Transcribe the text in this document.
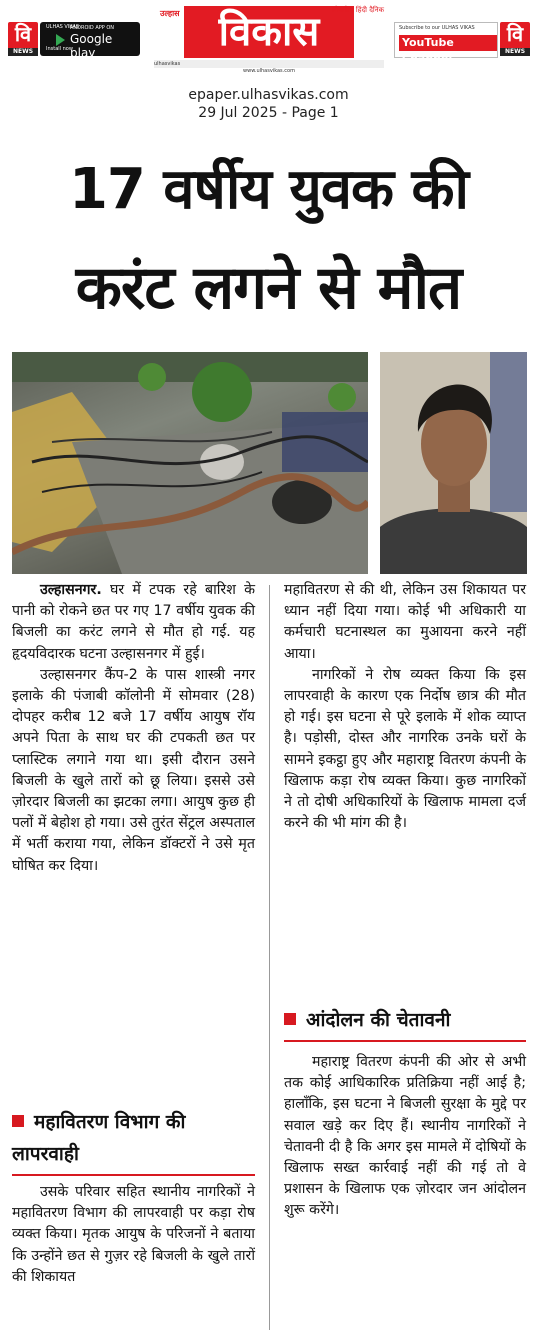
वि
NEWS
ULHAS VIKAS
ANDROID APP ON
Google play
Install now	विकास
उल्हास	लोकप्रिय हिंदी दैनिक
ulhasvikas
www.ulhasvikas.com
Subscribe to our ULHAS VIKAS
YouTube Channel
वि
NEWS
epaper.ulhasvikas.com
29 Jul 2025 - Page 1
17 वर्षीय युवक की
करंट लगने से मौत

उल्हासनगर. घर में टपक रहे बारिश के पानी को रोकने छत पर गए 17 वर्षीय युवक की बिजली का करंट लगने से मौत हो गई. यह हृदयविदारक घटना उल्हासनगर में हुई।

उल्हासनगर कैंप-2 के पास शास्त्री नगर इलाके की पंजाबी कॉलोनी में सोमवार (28) दोपहर करीब 12 बजे 17 वर्षीय आयुष रॉय अपने पिता के साथ घर की टपकती छत पर प्लास्टिक लगाने गया था। इसी दौरान उसने बिजली के खुले तारों को छू लिया। इससे उसे ज़ोरदार बिजली का झटका लगा। आयुष कुछ ही पलों में बेहोश हो गया। उसे तुरंत सेंट्रल अस्पताल में भर्ती कराया गया, लेकिन डॉक्टरों ने उसे मृत घोषित कर दिया।

महावितरण विभाग की
लापरवाही

उसके परिवार सहित स्थानीय नागरिकों ने महावितरण विभाग की लापरवाही पर कड़ा रोष व्यक्त किया। मृतक आयुष के परिजनों ने बताया कि उन्होंने छत से गुज़र रहे बिजली के खुले तारों की शिकायत

महावितरण से की थी, लेकिन उस शिकायत पर ध्यान नहीं दिया गया। कोई भी अधिकारी या कर्मचारी घटनास्थल का मुआयना करने नहीं आया।

नागरिकों ने रोष व्यक्त किया कि इस लापरवाही के कारण एक निर्दोष छात्र की मौत हो गई। इस घटना से पूरे इलाके में शोक व्याप्त है। पड़ोसी, दोस्त और नागरिक उनके घरों के सामने इकट्ठा हुए और महाराष्ट्र वितरण कंपनी के खिलाफ कड़ा रोष व्यक्त किया। कुछ नागरिकों ने तो दोषी अधिकारियों के खिलाफ मामला दर्ज करने की भी मांग की है।

आंदोलन की चेतावनी

महाराष्ट्र वितरण कंपनी की ओर से अभी तक कोई आधिकारिक प्रतिक्रिया नहीं आई है; हालाँकि, इस घटना ने बिजली सुरक्षा के मुद्दे पर सवाल खड़े कर दिए हैं। स्थानीय नागरिकों ने चेतावनी दी है कि अगर इस मामले में दोषियों के खिलाफ सख्त कार्रवाई नहीं की गई तो वे प्रशासन के खिलाफ एक ज़ोरदार जन आंदोलन शुरू करेंगे।
